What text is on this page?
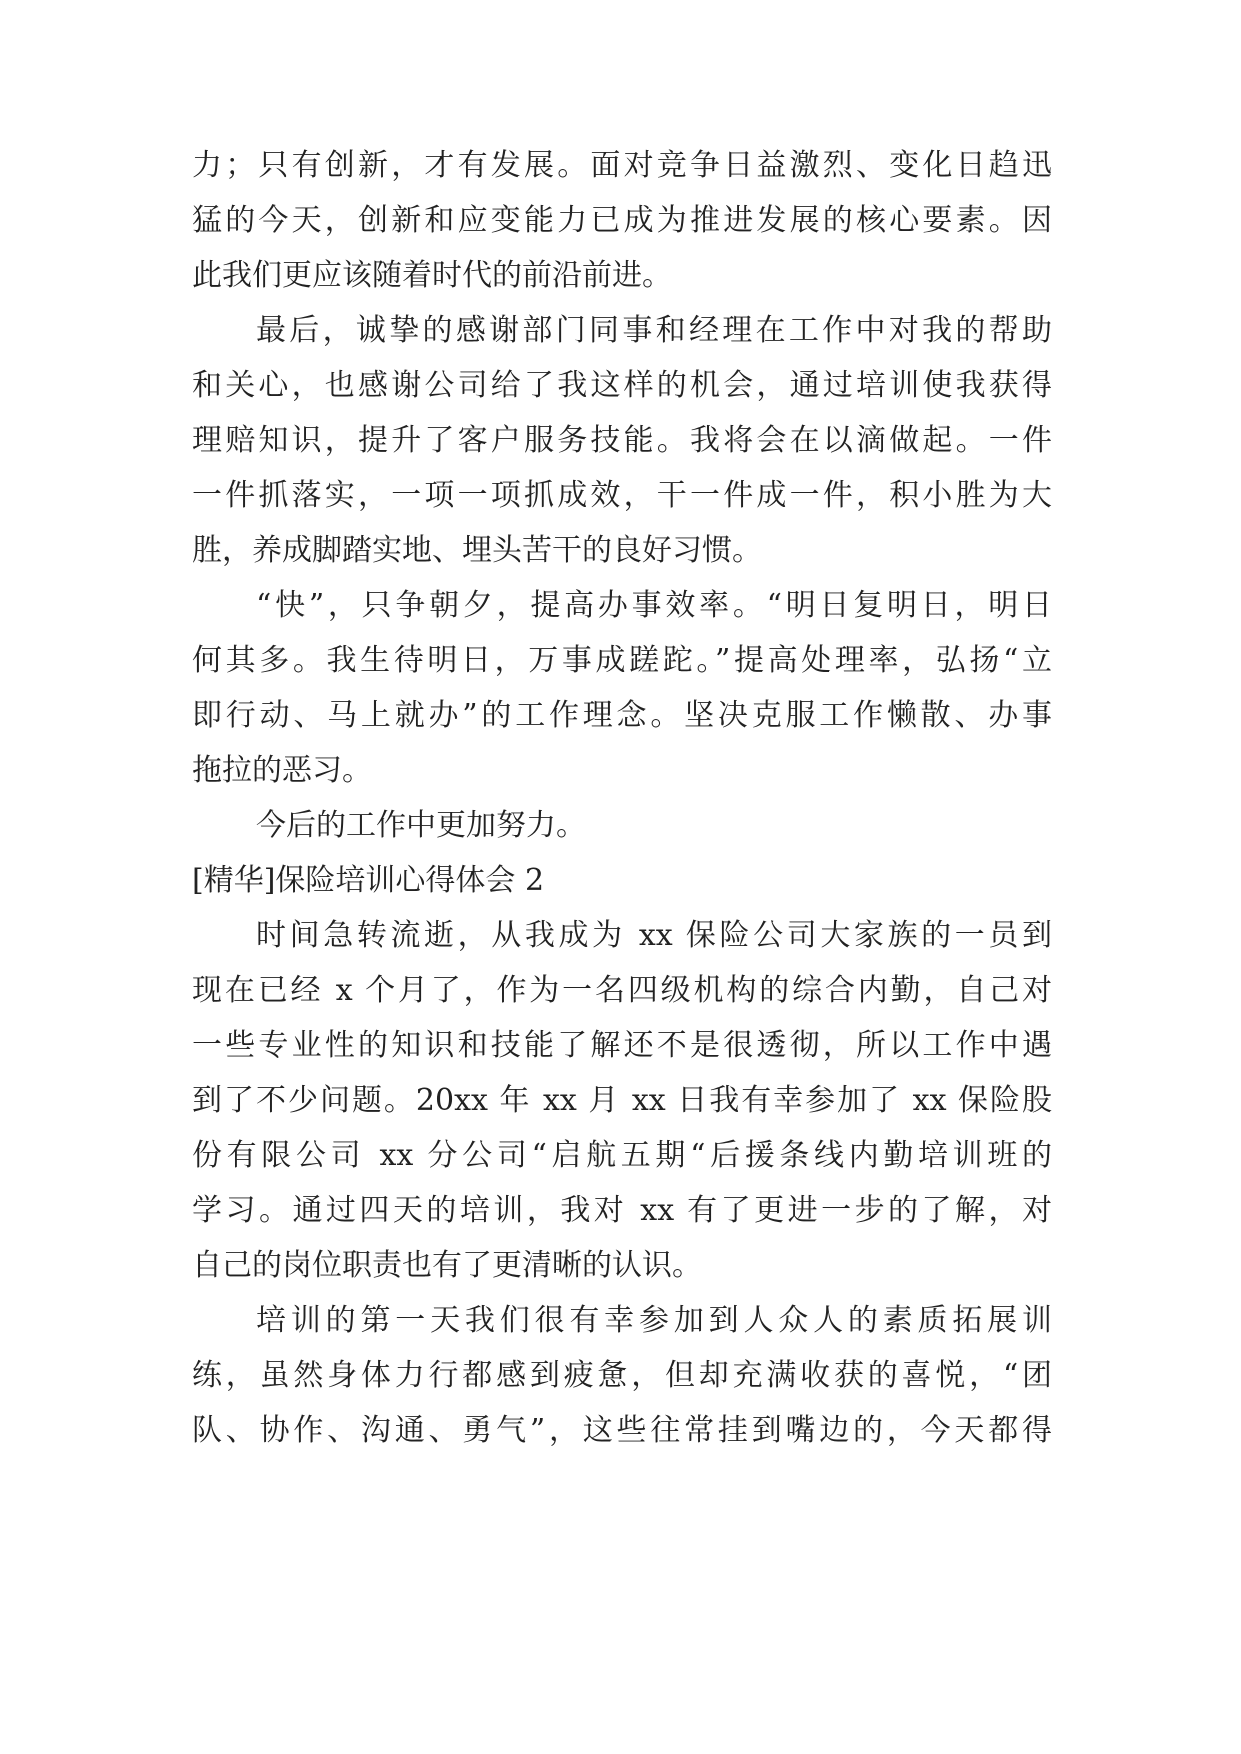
力；只有创新，才有发展。面对竞争日益激烈、变化日趋迅
猛的今天，创新和应变能力已成为推进发展的核心要素。因
此我们更应该随着时代的前沿前进。
最后，诚挚的感谢部门同事和经理在工作中对我的帮助
和关心，也感谢公司给了我这样的机会，通过培训使我获得
理赔知识，提升了客户服务技能。我将会在以滴做起。一件
一件抓落实，一项一项抓成效，干一件成一件，积小胜为大
胜，养成脚踏实地、埋头苦干的良好习惯。
“快”，只争朝夕，提高办事效率。“明日复明日，明日
何其多。我生待明日，万事成蹉跎。”提高处理率，弘扬“立
即行动、马上就办”的工作理念。坚决克服工作懒散、办事
拖拉的恶习。
今后的工作中更加努力。
[精华]保险培训心得体会 2
时间急转流逝，从我成为 xx 保险公司大家族的一员到
现在已经 x 个月了，作为一名四级机构的综合内勤，自己对
一些专业性的知识和技能了解还不是很透彻，所以工作中遇
到了不少问题。20xx 年 xx 月 xx 日我有幸参加了 xx 保险股
份有限公司 xx 分公司“启航五期“后援条线内勤培训班的
学习。通过四天的培训，我对 xx 有了更进一步的了解，对
自己的岗位职责也有了更清晰的认识。
培训的第一天我们很有幸参加到人众人的素质拓展训
练，虽然身体力行都感到疲惫，但却充满收获的喜悦，“团
队、协作、沟通、勇气”，这些往常挂到嘴边的，今天都得
